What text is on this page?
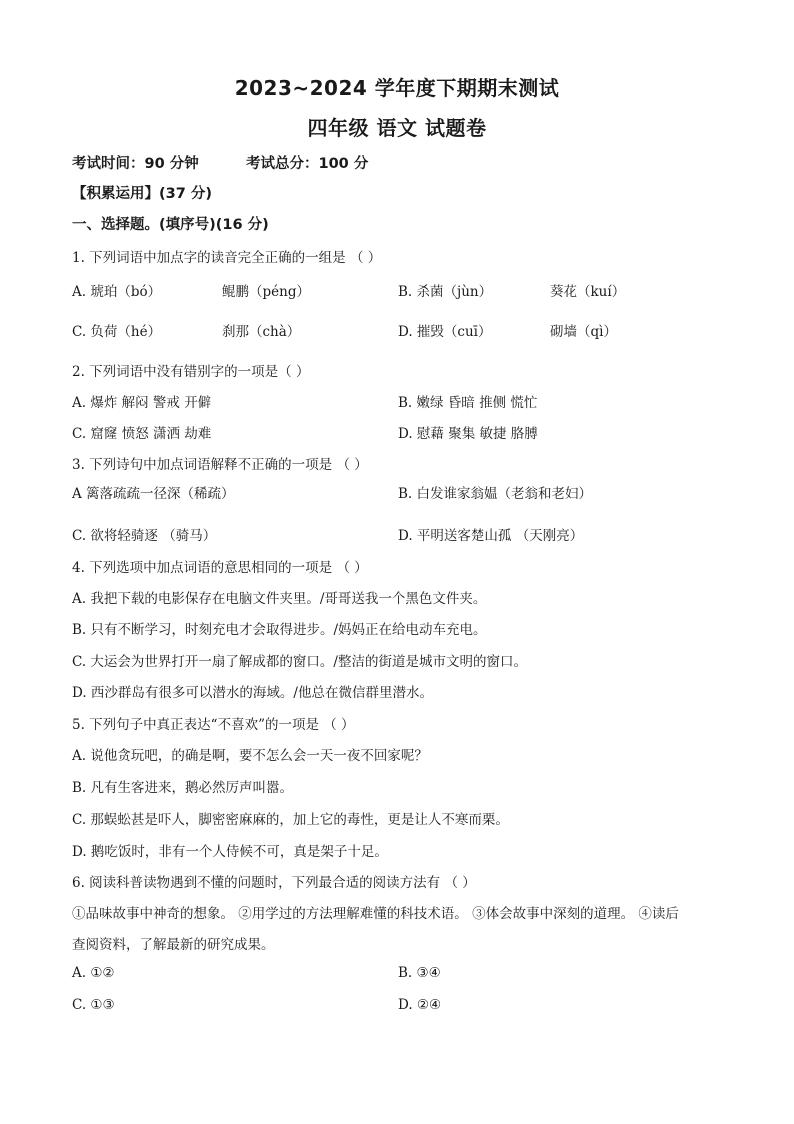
2023~2024 学年度下期期末测试
四年级 语文 试题卷
考试时间：90 分钟	考试总分：100 分
【积累运用】(37 分)
一、选择题。(填序号)(16 分)
1. 下列词语中加点字的读音完全正确的一组是 （ ）
A. 琥珀（bó）	鲲鹏（péng）	B. 杀菌（jùn）	葵花（kuí）
C. 负荷（hé）	刹那（chà）	D. 摧毁（cuī）	砌墙（qì）
2. 下列词语中没有错别字的一项是（ ）
A. 爆炸 解闷 警戒 开僻	B. 嫩绿 昏暗 推侧 慌忙
C. 窟窿 愤怒 潇洒 劫难	D. 慰藉 聚集 敏捷 胳膊
3. 下列诗句中加点词语解释不正确的一项是 （ ）
A 篱落疏疏一径深（稀疏）	B. 白发谁家翁媪（老翁和老妇）
C. 欲将轻骑逐 （骑马）	D. 平明送客楚山孤 （天刚亮）
4. 下列选项中加点词语的意思相同的一项是 （ ）
A. 我把下载的电影保存在电脑文件夹里。/哥哥送我一个黑色文件夹。
B. 只有不断学习，时刻充电才会取得进步。/妈妈正在给电动车充电。
C. 大运会为世界打开一扇了解成都的窗口。/整洁的街道是城市文明的窗口。
D. 西沙群岛有很多可以潜水的海域。/他总在微信群里潜水。
5. 下列句子中真正表达“不喜欢”的一项是 （ ）
A. 说他贪玩吧，的确是啊，要不怎么会一天一夜不回家呢？
B. 凡有生客进来，鹅必然厉声叫嚣。
C. 那蜈蚣甚是吓人，脚密密麻麻的，加上它的毒性，更是让人不寒而栗。
D. 鹅吃饭时，非有一个人侍候不可，真是架子十足。
6. 阅读科普读物遇到不懂的问题时，下列最合适的阅读方法有 （ ）
①品味故事中神奇的想象。 ②用学过的方法理解难懂的科技术语。 ③体会故事中深刻的道理。 ④读后
查阅资料，了解最新的研究成果。
A. ①②	B. ③④
C. ①③	D. ②④
